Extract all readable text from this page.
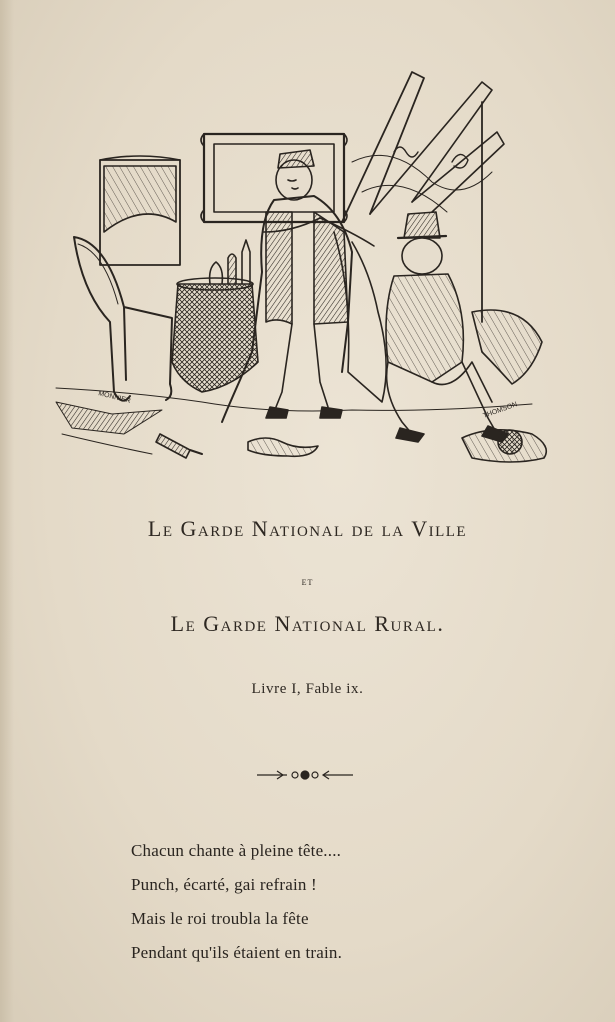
MONNIER
THOMSON
Le Garde National de la Ville
et
Le Garde National Rural.
Livre I, Fable ix.
Chacun chante à pleine tête....
Punch, écarté, gai refrain !
Mais le roi troubla la fête
Pendant qu'ils étaient en train.
